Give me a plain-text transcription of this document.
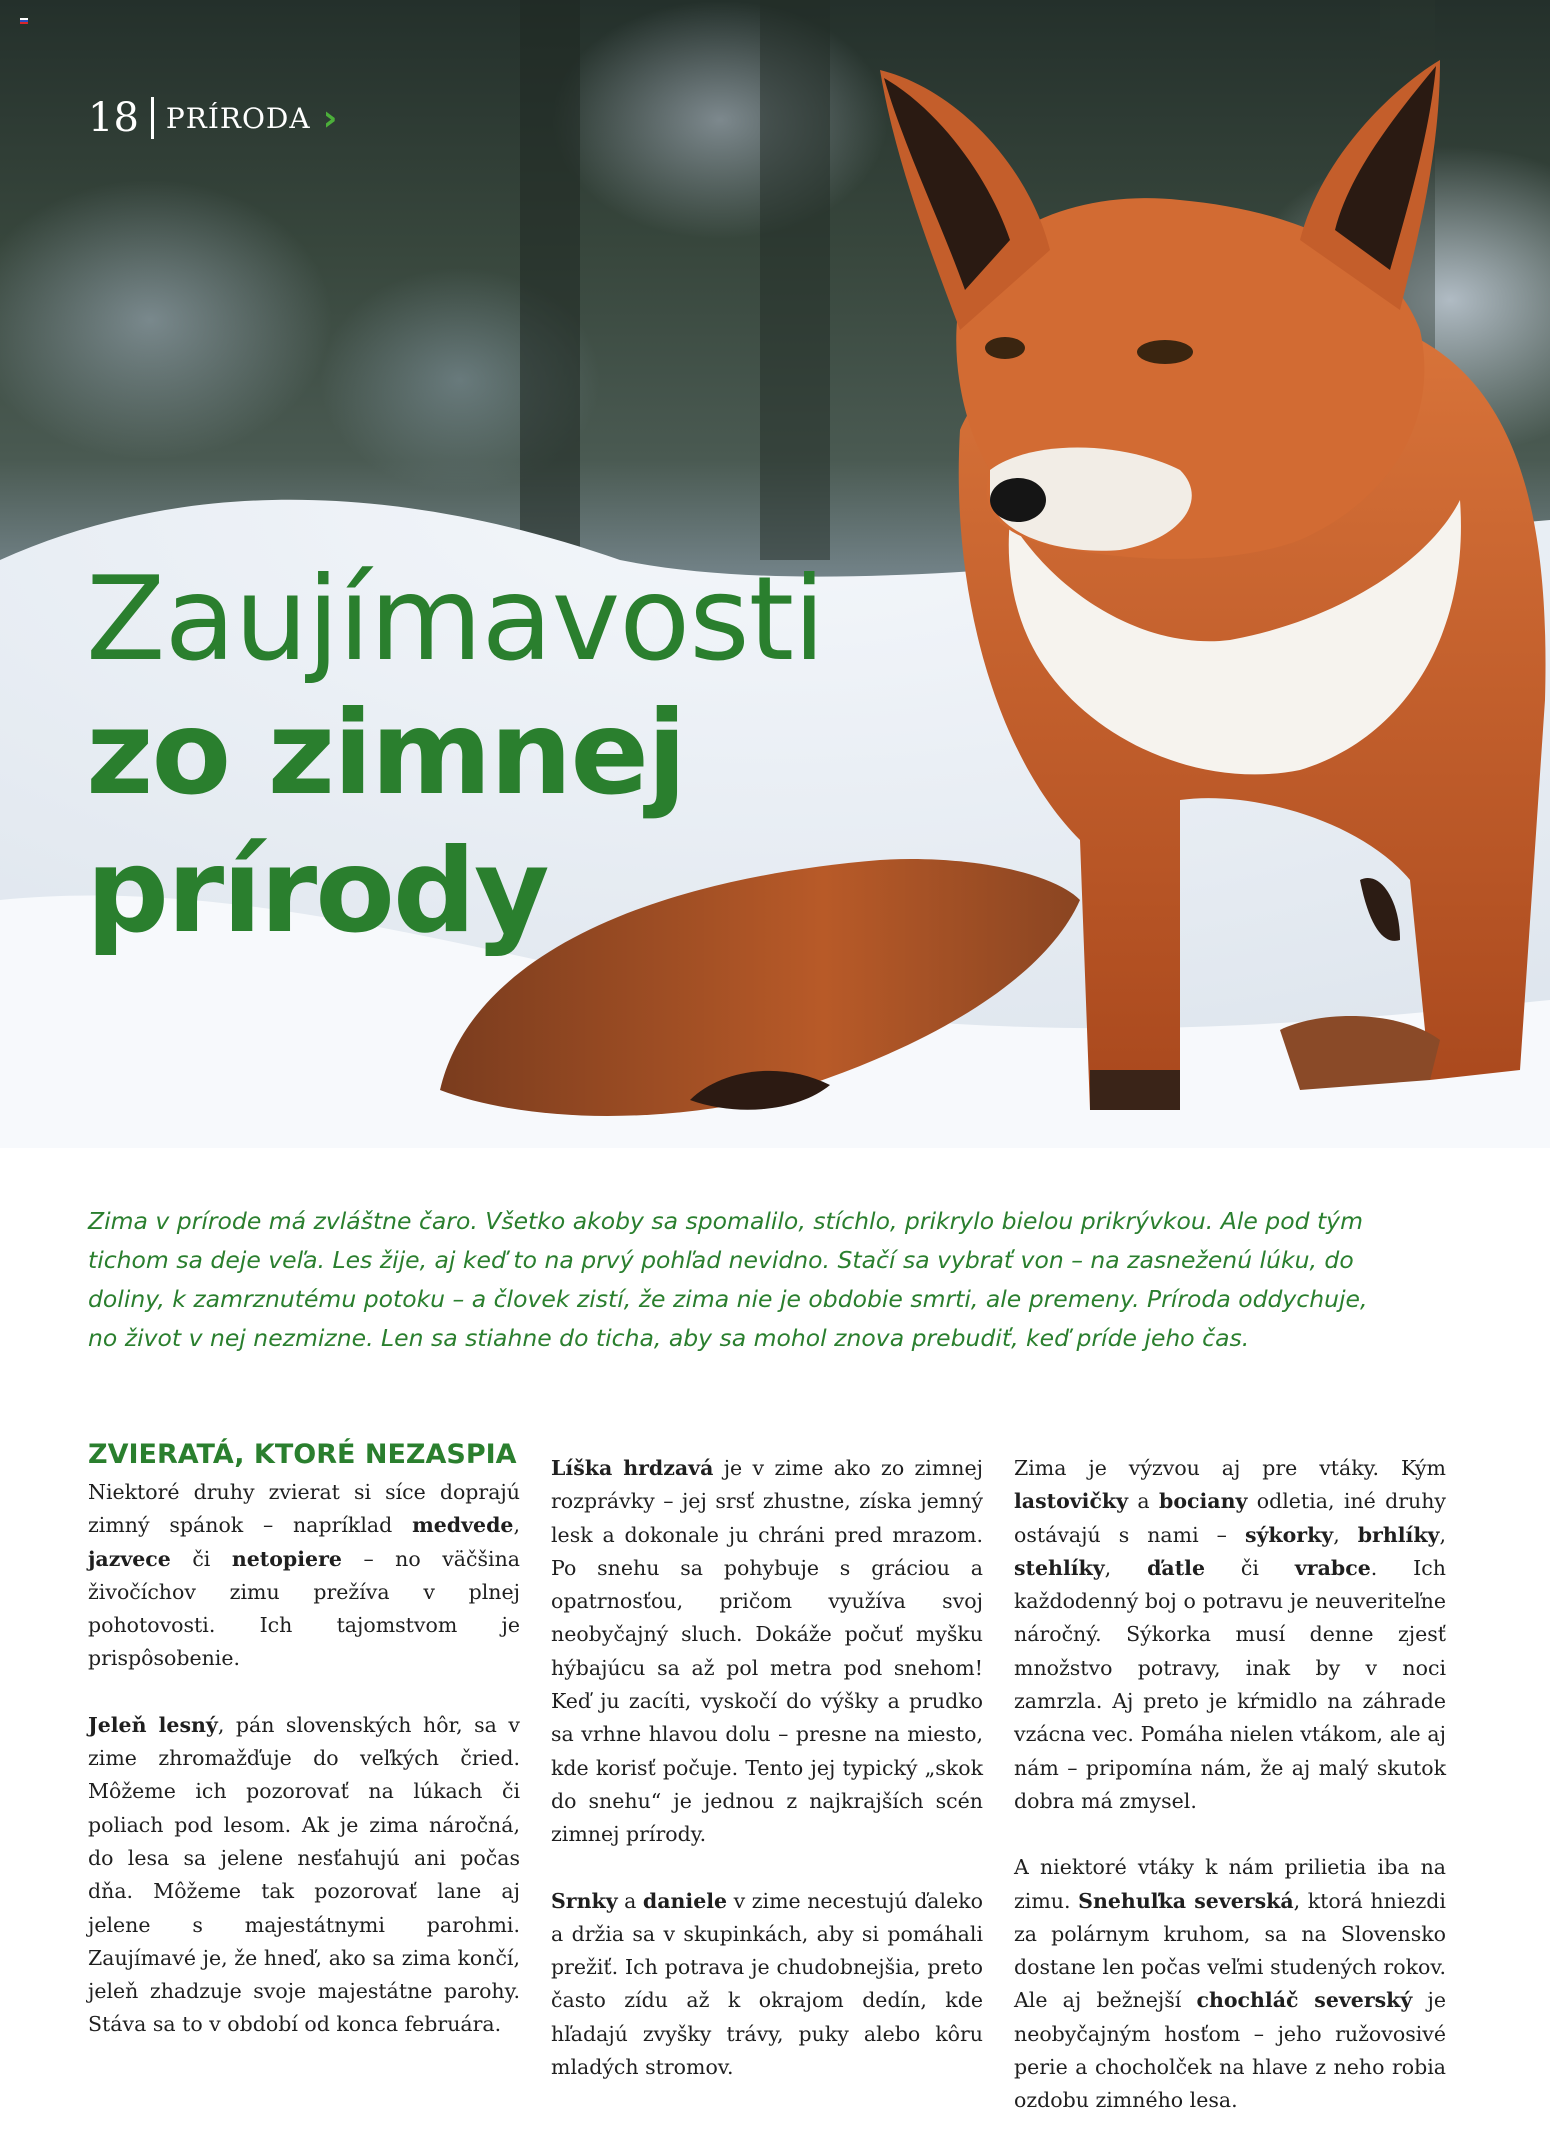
18 PRÍRODA ›
Zaujímavosti
zo zimnej
prírody

Zima v prírode má zvláštne čaro. Všetko akoby sa spomalilo, stíchlo, prikrylo bielou prikrývkou. Ale pod tým tichom sa deje veľa. Les žije, aj keď to na prvý pohľad nevidno. Stačí sa vybrať von – na zasneženú lúku, do doliny, k zamrznutému potoku – a človek zistí, že zima nie je obdobie smrti, ale premeny. Príroda oddychuje, no život v nej nezmizne. Len sa stiahne do ticha, aby sa mohol znova prebudiť, keď príde jeho čas.

ZVIERATÁ, KTORÉ NEZASPIA

Niektoré druhy zvierat si síce doprajú zimný spánok – napríklad medvede, jazvece či netopiere – no väčšina živočíchov zimu prežíva v plnej pohotovosti. Ich tajomstvom je prispôsobenie.

Jeleň lesný, pán slovenských hôr, sa v zime zhromažďuje do veľkých čried. Môžeme ich pozorovať na lúkach či poliach pod lesom. Ak je zima náročná, do lesa sa jelene nesťahujú ani počas dňa. Môžeme tak pozorovať lane aj jelene s majestátnymi parohmi. Zaujímavé je, že hneď, ako sa zima končí, jeleň zhadzuje svoje majestátne parohy. Stáva sa to v období od konca februára.

Líška hrdzavá je v zime ako zo zimnej rozprávky – jej srsť zhustne, získa jemný lesk a dokonale ju chráni pred mrazom. Po snehu sa pohybuje s gráciou a opatrnosťou, pričom využíva svoj neobyčajný sluch. Dokáže počuť myšku hýbajúcu sa až pol metra pod snehom! Keď ju zacíti, vyskočí do výšky a prudko sa vrhne hlavou dolu – presne na miesto, kde korisť počuje. Tento jej typický „skok do snehu“ je jednou z najkrajších scén zimnej prírody.

Srnky a daniele v zime necestujú ďaleko a držia sa v skupinkách, aby si pomáhali prežiť. Ich potrava je chudobnejšia, preto často zídu až k okrajom dedín, kde hľadajú zvyšky trávy, puky alebo kôru mladých stromov.

Zima je výzvou aj pre vtáky. Kým lastovičky a bociany odletia, iné druhy ostávajú s nami – sýkorky, brhlíky, stehlíky, ďatle či vrabce. Ich každodenný boj o potravu je neuveriteľne náročný. Sýkorka musí denne zjesť množstvo potravy, inak by v noci zamrzla. Aj preto je kŕmidlo na záhrade vzácna vec. Pomáha nielen vtákom, ale aj nám – pripomína nám, že aj malý skutok dobra má zmysel.

A niektoré vtáky k nám prilietia iba na zimu. Snehuľka severská, ktorá hniezdi za polárnym kruhom, sa na Slovensko dostane len počas veľmi studených rokov. Ale aj bežnejší chochláč severský je neobyčajným hosťom – jeho ružovosivé perie a chocholček na hlave z neho robia ozdobu zimného lesa.
